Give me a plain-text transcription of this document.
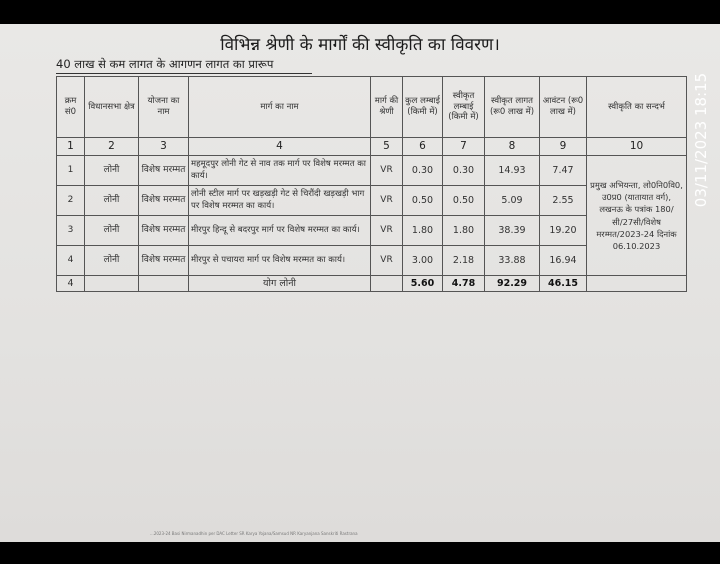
विभिन्न श्रेणी के मार्गों की स्वीकृति का विवरण।
40 लाख से कम लागत के आगणन लागत का प्रारूप
क्रम सं0	विधानसभा क्षेत्र	योजना का नाम	मार्ग का नाम	मार्ग की श्रेणी	कुल लम्बाई (किमी में)	स्वीकृत लम्बाई (किमी में)	स्वीकृत लागत (रू0 लाख में)	आवंटन (रू0 लाख में)	स्वीकृति का सन्दर्भ
1	2	3	4	5	6	7	8	9	10
1	लोनी	विशेष मरम्मत	महमूदपुर लोनी गेट से नाव तक मार्ग पर विशेष मरम्मत का कार्य।	VR	0.30	0.30	14.93	7.47	प्रमुख अभियन्ता, लो0नि0वि0, उ0प्र0 (यातायात वर्ग), लखनऊ के पत्रांक 180/सी/27सी/विशेष मरम्मत/2023-24 दिनांक 06.10.2023
2	लोनी	विशेष मरम्मत	लोनी स्टील मार्ग पर खड़खड़ी गेट से चिरौंदी खड़खड़ी भाग पर विशेष मरम्मत का कार्य।	VR	0.50	0.50	5.09	2.55	
3	लोनी	विशेष मरम्मत	मीरपुर हिन्दू से बदरपुर मार्ग पर विशेष मरम्मत का कार्य।	VR	1.80	1.80	38.39	19.20	
4	लोनी	विशेष मरम्मत	मीरपुर से पचायरा मार्ग पर विशेष मरम्मत का कार्य।	VR	3.00	2.18	33.88	16.94	
4			योग लोनी		5.60	4.78	92.29	46.15	
...2023-24 Basi Nirmanadhin per DAC Letter SR Karya Yojana/Samsud NR Karyanjana Sanskriti Rastrana
03/11/2023 18:15
